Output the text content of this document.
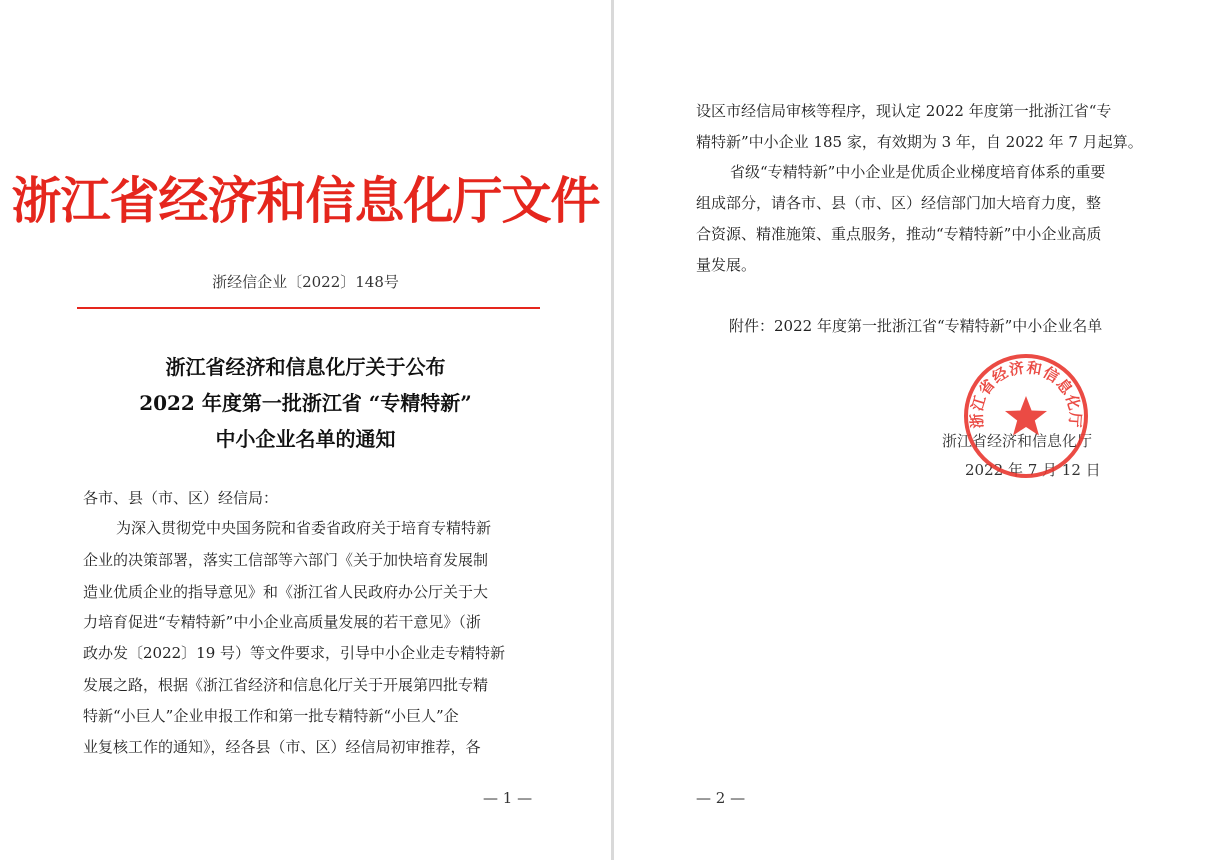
浙江省经济和信息化厅文件
浙经信企业〔2022〕148号
浙江省经济和信息化厅关于公布
2022 年度第一批浙江省 “专精特新”
中小企业名单的通知
各市、县（市、区）经信局：
为深入贯彻党中央国务院和省委省政府关于培育专精特新
企业的决策部署，落实工信部等六部门《关于加快培育发展制
造业优质企业的指导意见》和《浙江省人民政府办公厅关于大
力培育促进“专精特新”中小企业高质量发展的若干意见》（浙
政办发〔2022〕19 号）等文件要求，引导中小企业走专精特新
发展之路，根据《浙江省经济和信息化厅关于开展第四批专精
特新“小巨人”企业申报工作和第一批专精特新“小巨人”企
业复核工作的通知》，经各县（市、区）经信局初审推荐，各
— 1 —
设区市经信局审核等程序，现认定 2022 年度第一批浙江省“专
精特新”中小企业 185 家，有效期为 3 年，自 2022 年 7 月起算。
省级“专精特新”中小企业是优质企业梯度培育体系的重要
组成部分，请各市、县（市、区）经信部门加大培育力度，整
合资源、精准施策、重点服务，推动“专精特新”中小企业高质
量发展。
附件：2022 年度第一批浙江省“专精特新”中小企业名单
浙江省经济和信息化厅
2022 年 7 月 12 日
— 2 —
浙江省经济和信息化厅
